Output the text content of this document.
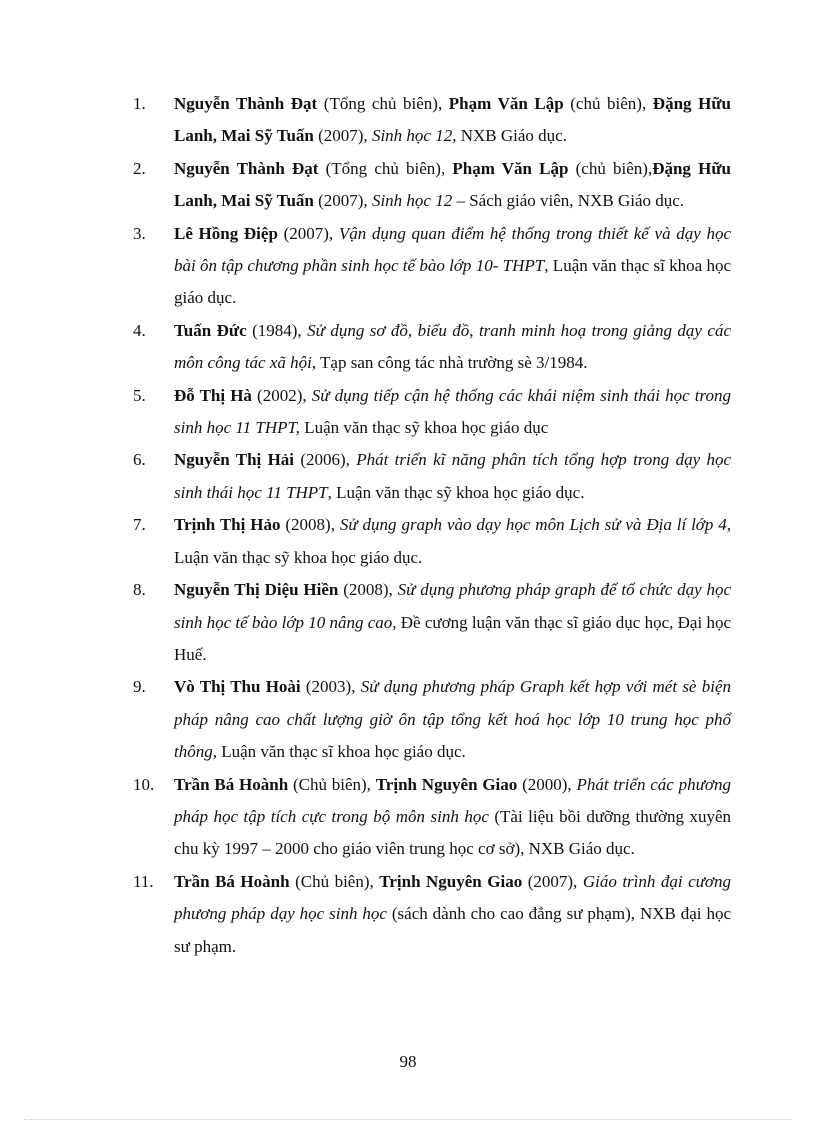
1. Nguyễn Thành Đạt (Tổng chủ biên), Phạm Văn Lập (chủ biên), Đặng Hữu Lanh, Mai Sỹ Tuấn (2007), Sinh học 12, NXB Giáo dục.
2. Nguyễn Thành Đạt (Tổng chủ biên), Phạm Văn Lập (chủ biên),Đặng Hữu Lanh, Mai Sỹ Tuấn (2007), Sinh học 12 – Sách giáo viên, NXB Giáo dục.
3. Lê Hồng Điệp (2007), Vận dụng quan điểm hệ thống trong thiết kế và dạy học bài ôn tập chương phần sinh học tế bào lớp 10- THPT, Luận văn thạc sĩ khoa học giáo dục.
4. Tuấn Đức (1984), Sử dụng sơ đồ, biểu đồ, tranh minh hoạ trong giảng dạy các môn công tác xã hội, Tạp san công tác nhà trường sè 3/1984.
5. Đỗ Thị Hà (2002), Sử dụng tiếp cận hệ thống các khái niệm sinh thái học trong sinh học 11 THPT, Luận văn thạc sỹ khoa học giáo dục
6. Nguyễn Thị Hải (2006), Phát triển kĩ năng phân tích tổng hợp trong dạy học sinh thái học 11 THPT, Luận văn thạc sỹ khoa học giáo dục.
7. Trịnh Thị Hảo (2008), Sử dụng graph vào dạy học môn Lịch sử và Địa lí lớp 4, Luận văn thạc sỹ khoa học giáo dục.
8. Nguyễn Thị Diệu Hiền (2008), Sử dụng phương pháp graph để tổ chức dạy học sinh học tế bào lớp 10 nâng cao, Đề cương luận văn thạc sĩ giáo dục học, Đại học Huế.
9. Vò Thị Thu Hoài (2003), Sử dụng phương pháp Graph kết hợp với mét sè biện pháp nâng cao chất lượng giờ ôn tập tổng kết hoá học lớp 10 trung học phổ thông, Luận văn thạc sĩ khoa học giáo dục.
10. Trần Bá Hoành (Chủ biên), Trịnh Nguyên Giao (2000), Phát triển các phương pháp học tập tích cực trong bộ môn sinh học (Tài liệu bồi dưỡng thường xuyên chu kỳ 1997 – 2000 cho giáo viên trung học cơ sở), NXB Giáo dục.
11. Trần Bá Hoành (Chủ biên), Trịnh Nguyên Giao (2007), Giáo trình đại cương phương pháp dạy học sinh học (sách dành cho cao đẳng sư phạm), NXB đại học sư phạm.
98
